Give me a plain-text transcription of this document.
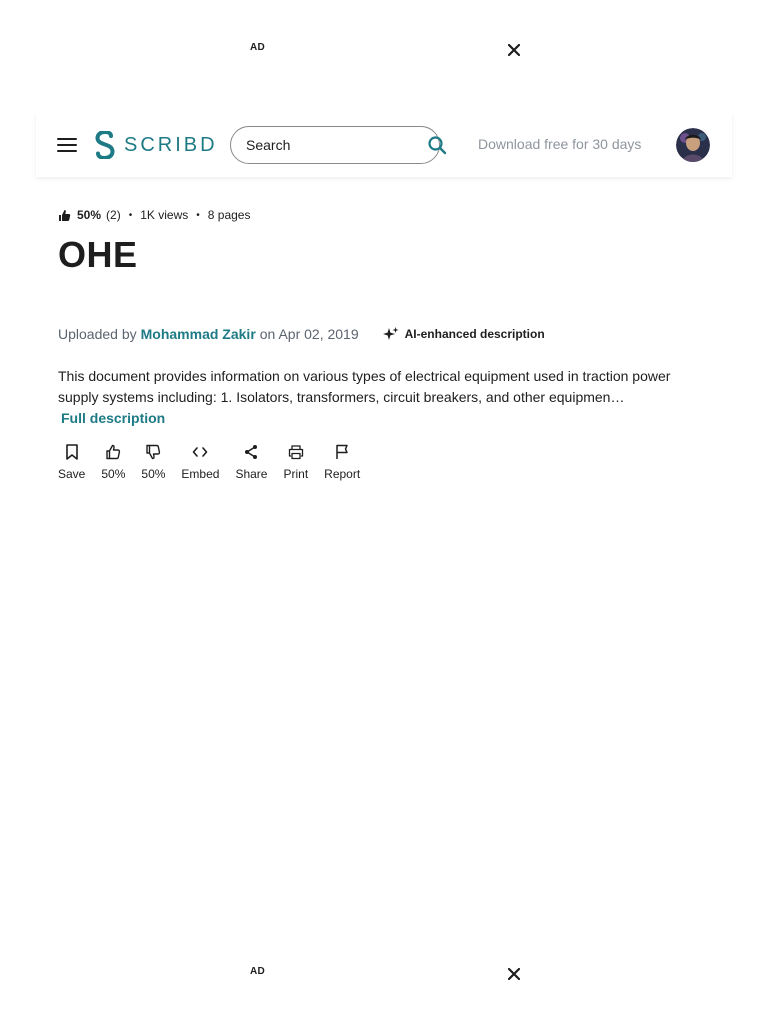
AD
SCRIBD
Search	Download free for 30 days
50% (2) • 1K views • 8 pages
OHE
Uploaded by Mohammad Zakir on Apr 02, 2019	AI-enhanced description

This document provides information on various types of electrical equipment used in traction power supply systems including: 1. Isolators, transformers, circuit breakers, and other equipmen…

Full description
Save 50% 50% Embed Share Print Report
AD
